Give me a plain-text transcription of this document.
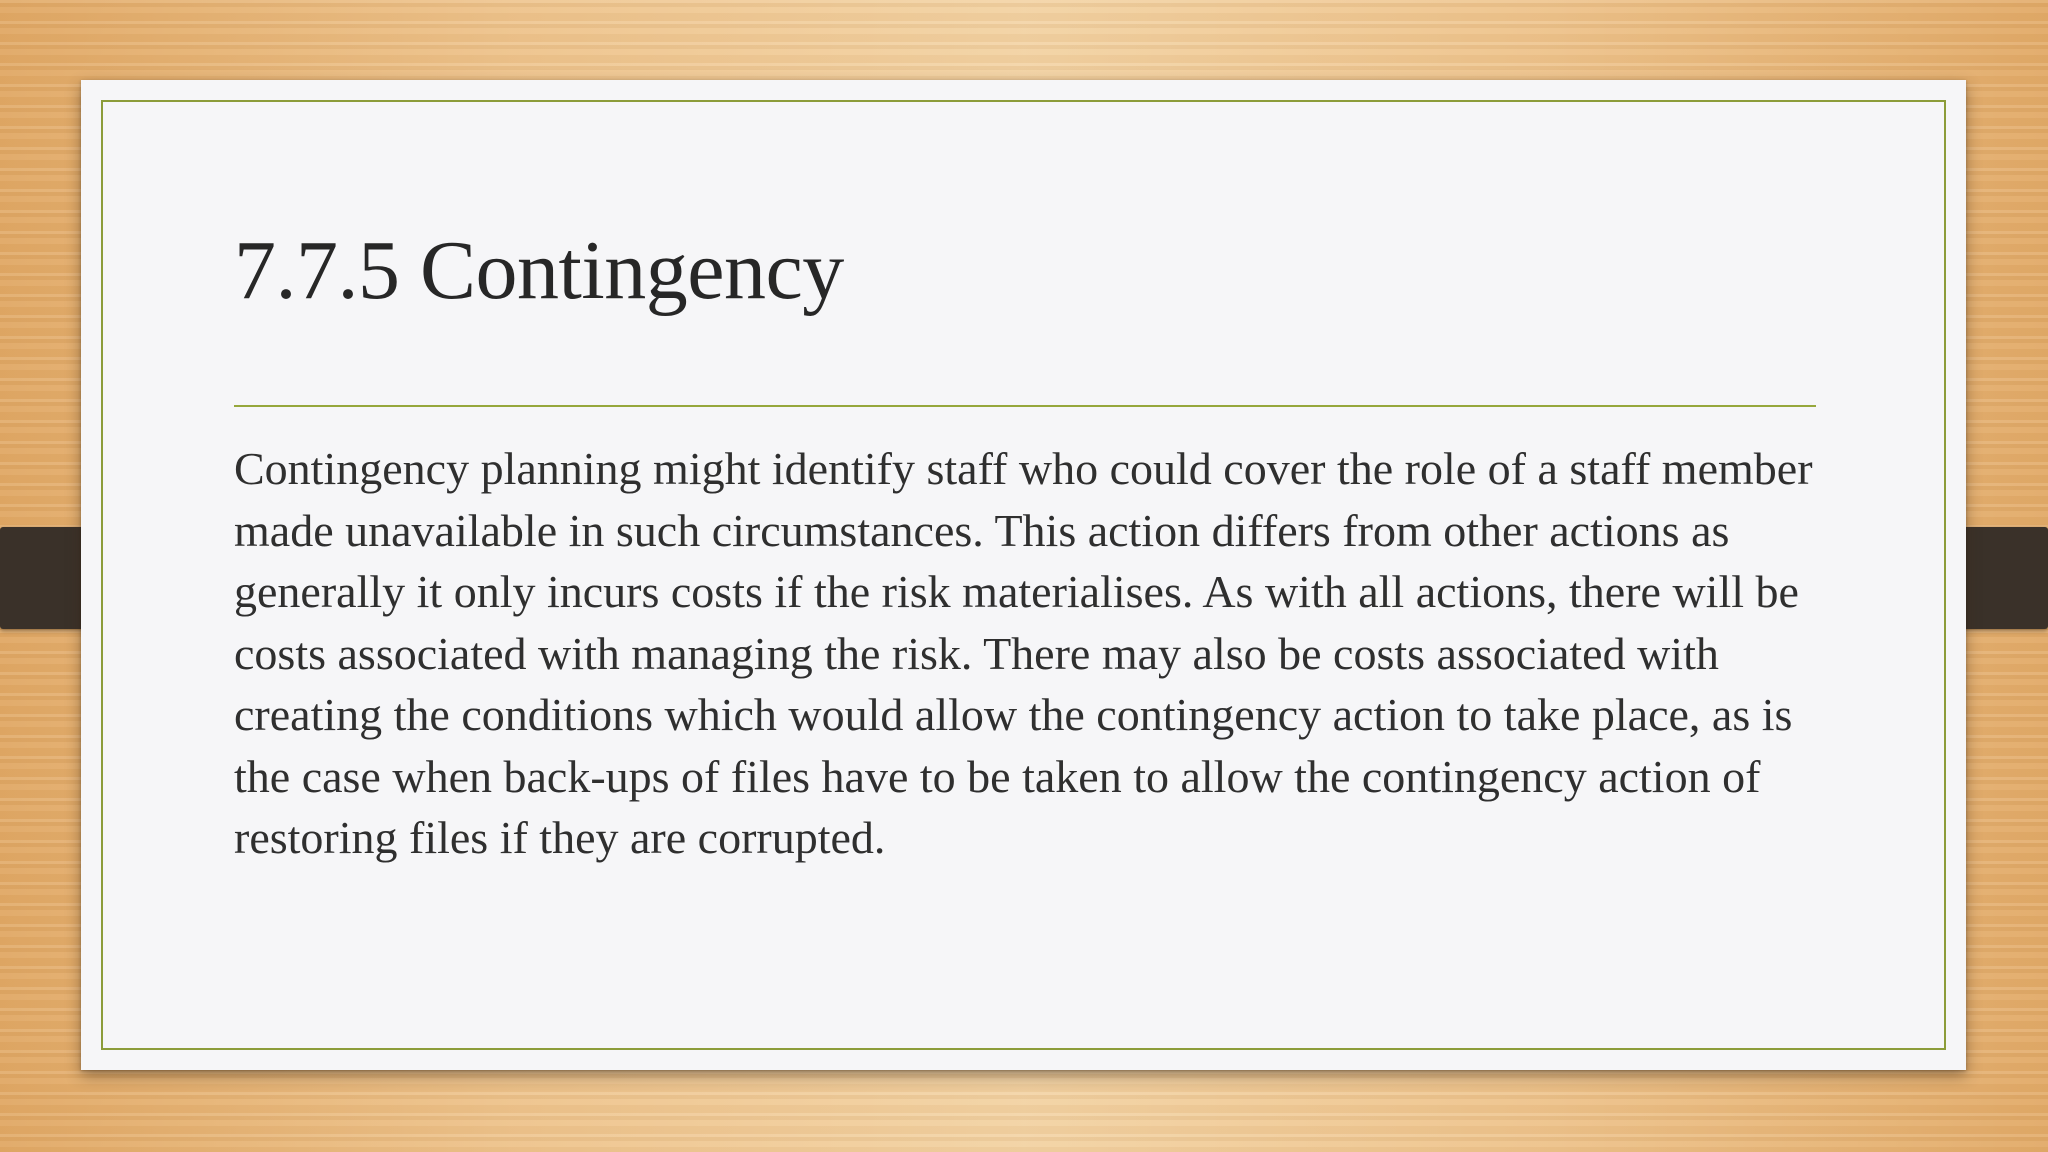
7.7.5 Contingency

Contingency planning might identify staff who could cover the role of a staff member made unavailable in such circumstances. This action differs from other actions as generally it only incurs costs if the risk materialises. As with all actions, there will be costs associated with managing the risk. There may also be costs associated with creating the conditions which would allow the contingency action to take place, as is the case when back-ups of files have to be taken to allow the contingency action of restoring files if they are corrupted.
